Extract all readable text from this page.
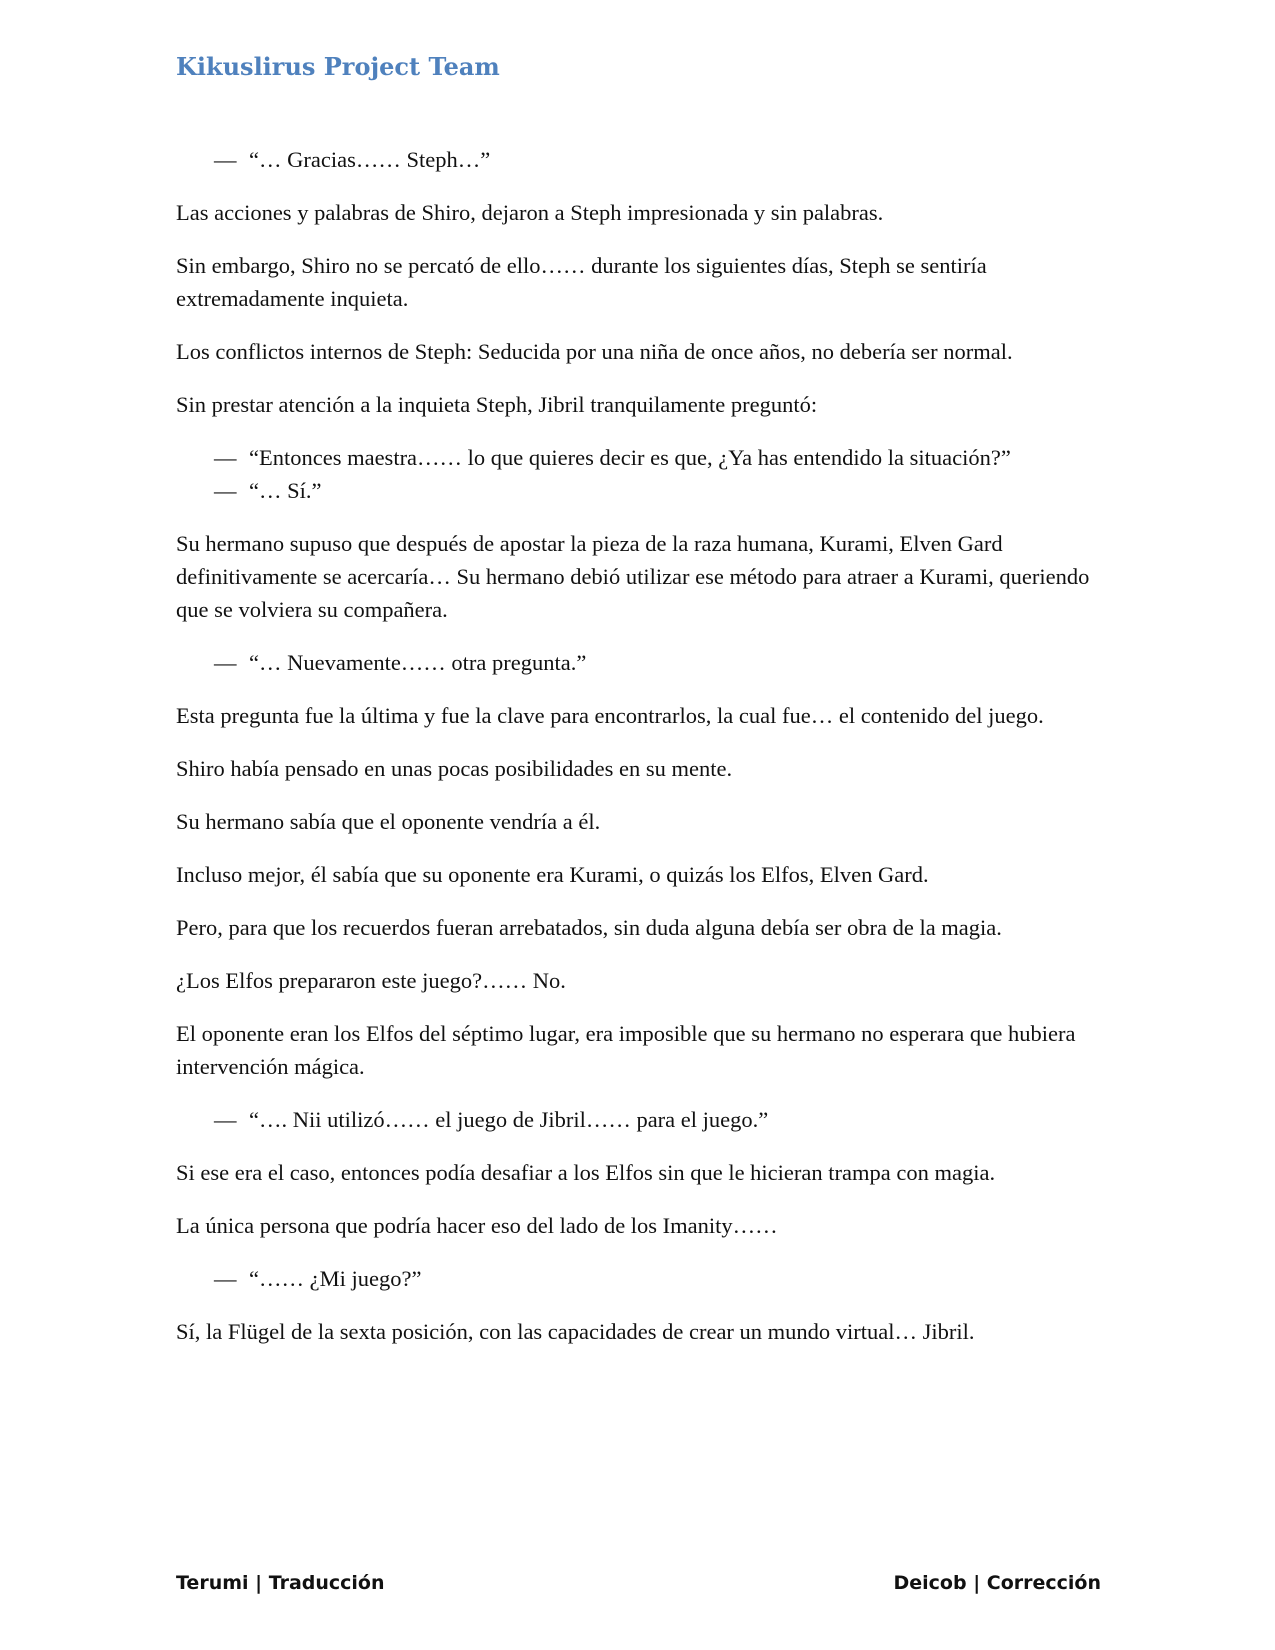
Kikuslirus Project Team
— “… Gracias…… Steph…”

Las acciones y palabras de Shiro, dejaron a Steph impresionada y sin palabras.

Sin embargo, Shiro no se percató de ello…… durante los siguientes días, Steph se sentiría extremadamente inquieta.

Los conflictos internos de Steph: Seducida por una niña de once años, no debería ser normal.

Sin prestar atención a la inquieta Steph, Jibril tranquilamente preguntó:

— “Entonces maestra…… lo que quieres decir es que, ¿Ya has entendido la situación?”
— “… Sí.”

Su hermano supuso que después de apostar la pieza de la raza humana, Kurami, Elven Gard definitivamente se acercaría… Su hermano debió utilizar ese método para atraer a Kurami, queriendo que se volviera su compañera.

— “… Nuevamente…… otra pregunta.”

Esta pregunta fue la última y fue la clave para encontrarlos, la cual fue… el contenido del juego.

Shiro había pensado en unas pocas posibilidades en su mente.

Su hermano sabía que el oponente vendría a él.

Incluso mejor, él sabía que su oponente era Kurami, o quizás los Elfos, Elven Gard.

Pero, para que los recuerdos fueran arrebatados, sin duda alguna debía ser obra de la magia.

¿Los Elfos prepararon este juego?…… No.

El oponente eran los Elfos del séptimo lugar, era imposible que su hermano no esperara que hubiera intervención mágica.

— “…. Nii utilizó…… el juego de Jibril…… para el juego.”

Si ese era el caso, entonces podía desafiar a los Elfos sin que le hicieran trampa con magia.

La única persona que podría hacer eso del lado de los Imanity……

— “…… ¿Mi juego?”

Sí, la Flügel de la sexta posición, con las capacidades de crear un mundo virtual… Jibril.

Terumi | Traducción	Deicob | Corrección
